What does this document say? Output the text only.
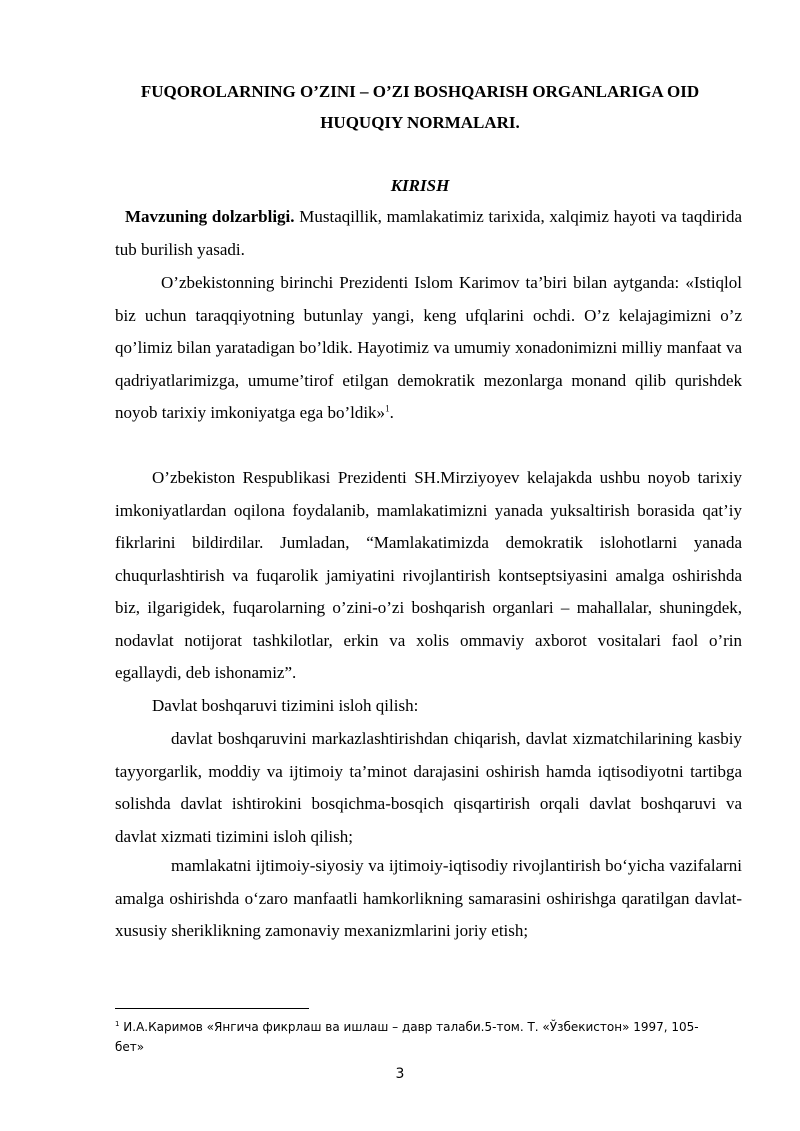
FUQOROLARNING O’ZINI – O’ZI BOSHQARISH ORGANLARIGA OID
HUQUQIY NORMALARI.
KIRISH

Mavzuning dolzarbligi. Mustaqillik, mamlakatimiz tarixida, xalqimiz hayoti va taqdirida tub burilish yasadi.

O’zbekistonning birinchi Prezidenti Islom Karimov ta’biri bilan aytganda: «Istiqlol biz uchun taraqqiyotning butunlay yangi, keng ufqlarini ochdi. O’z kelajagimizni o’z qo’limiz bilan yaratadigan bo’ldik. Hayotimiz va umumiy xonadonimizni milliy manfaat va qadriyatlarimizga, umume’tirof etilgan demokratik mezonlarga monand qilib qurishdek noyob tarixiy imkoniyatga ega bo’ldik»$^1$.

O’zbekiston Respublikasi Prezidenti SH.Mirziyoyev kelajakda ushbu noyob tarixiy imkoniyatlardan oqilona foydalanib, mamlakatimizni yanada yuksaltirish borasida qat’iy fikrlarini bildirdilar. Jumladan, “Mamlakatimizda demokratik islohotlarni yanada chuqurlashtirish va fuqarolik jamiyatini rivojlantirish kontseptsiyasini amalga oshirishda biz, ilgarigidek, fuqarolarning o’zini-o’zi boshqarish organlari – mahallalar, shuningdek, nodavlat notijorat tashkilotlar, erkin va xolis ommaviy axborot vositalari faol o’rin egallaydi, deb ishonamiz”.

Davlat boshqaruvi tizimini isloh qilish:

davlat boshqaruvini markazlashtirishdan chiqarish, davlat xizmatchilarining kasbiy tayyorgarlik, moddiy va ijtimoiy ta’minot darajasini oshirish hamda iqtisodiyotni tartibga solishda davlat ishtirokini bosqichma-bosqich qisqartirish orqali davlat boshqaruvi va davlat xizmati tizimini isloh qilish;

mamlakatni ijtimoiy-siyosiy va ijtimoiy-iqtisodiy rivojlantirish bo‘yicha vazifalarni amalga oshirishda o‘zaro manfaatli hamkorlikning samarasini oshirishga qaratilgan davlat-xususiy sheriklikning zamonaviy mexanizmlarini joriy etish;

$^1$ И.А.Каримов «Янгича фикрлаш ва ишлаш – давр талаби.5-том. Т. «Ўзбекистон» 1997, 105-бет»
3
